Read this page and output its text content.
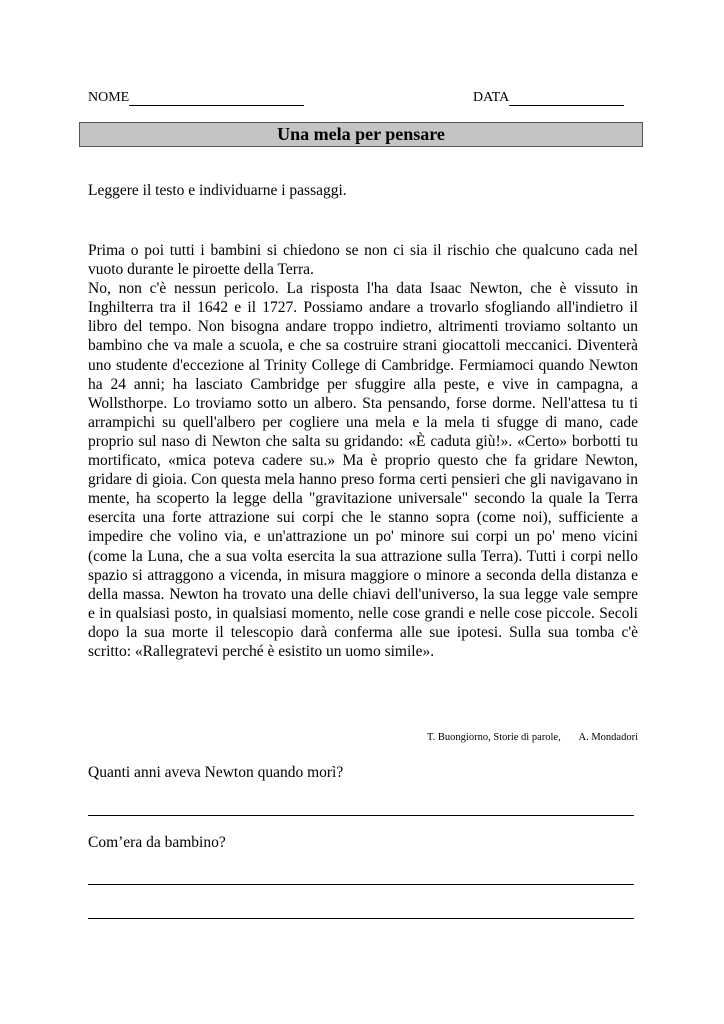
NOME	DATA
Una mela per pensare
Leggere il testo e individuarne i passaggi.

Prima o poi tutti i bambini si chiedono se non ci sia il rischio che qualcuno cada nel vuoto durante le piroette della Terra.

No, non c'è nessun pericolo. La risposta l'ha data Isaac Newton, che è vissuto in Inghilterra tra il 1642 e il 1727. Possiamo andare a trovarlo sfogliando all'indietro il libro del tempo. Non bisogna andare troppo indietro, altrimenti troviamo soltanto un bambino che va male a scuola, e che sa costruire strani giocattoli meccanici. Diventerà uno studente d'eccezione al Trinity College di Cambridge. Fermiamoci quando Newton ha 24 anni; ha lasciato Cambridge per sfuggire alla peste, e vive in campagna, a Wollsthorpe. Lo troviamo sotto un albero. Sta pensando, forse dorme. Nell'attesa tu ti arrampichi su quell'albero per cogliere una mela e la mela ti sfugge di mano, cade proprio sul naso di Newton che salta su gridando: «È caduta giù!». «Certo» borbotti tu mortificato, «mica poteva cadere su.» Ma è proprio questo che fa gridare Newton, gridare di gioia. Con questa mela hanno preso forma certi pensieri che gli navigavano in mente, ha scoperto la legge della "gravitazione universale" secondo la quale la Terra esercita una forte attrazione sui corpi che le stanno sopra (come noi), sufficiente a impedire che volino via, e un'attrazione un po' minore sui corpi un po' meno vicini (come la Luna, che a sua volta esercita la sua attrazione sulla Terra). Tutti i corpi nello spazio si attraggono a vicenda, in misura maggiore o minore a seconda della distanza e della massa. Newton ha trovato una delle chiavi dell'universo, la sua legge vale sempre e in qualsiasi posto, in qualsiasi momento, nelle cose grandi e nelle cose piccole. Secoli dopo la sua morte il telescopio darà conferma alle sue ipotesi. Sulla sua tomba c'è scritto: «Rallegratevi perché è esistito un uomo simile».

T. Buongiorno, Storie di parole,       A. Mondadori
Quanti anni aveva Newton quando morì?
Com’era da bambino?
